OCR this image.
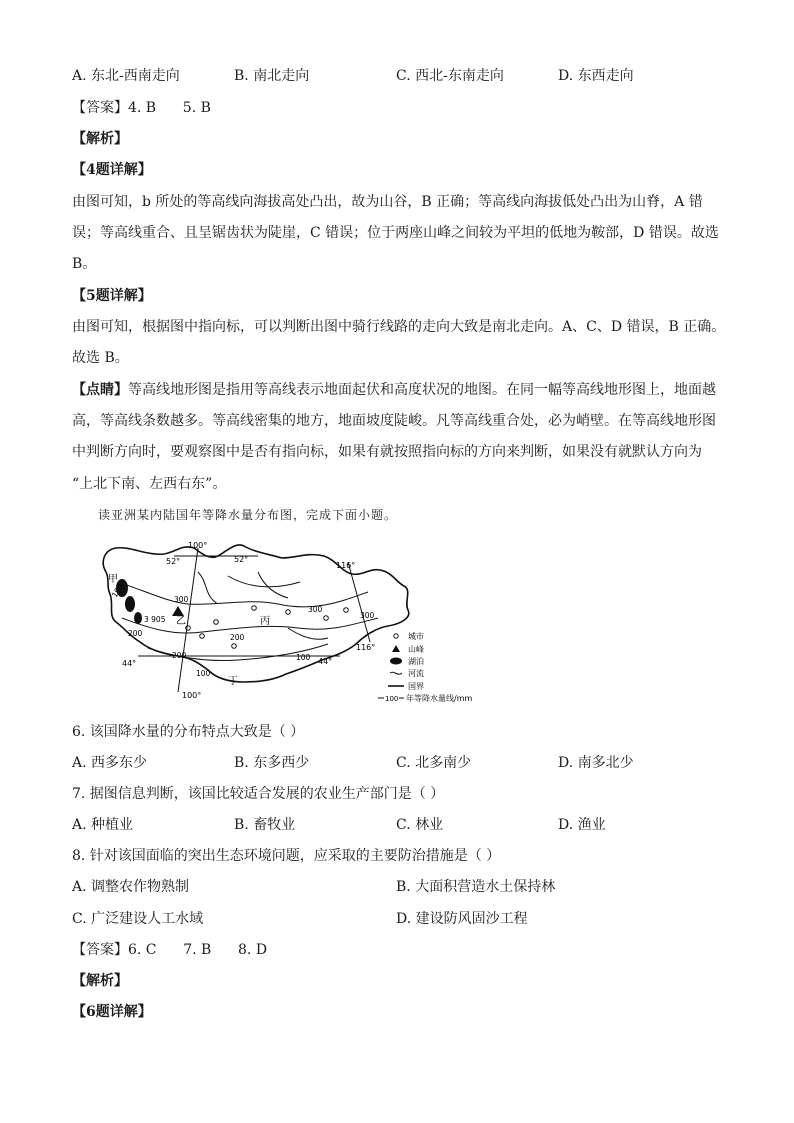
A. 东北-西南走向	B. 南北走向	C. 西北-东南走向	D. 东西走向
【答案】4. B      5. B
【解析】
【4题详解】
由图可知，b 所处的等高线向海拔高处凸出，故为山谷，B 正确；等高线向海拔低处凸出为山脊，A 错
误；等高线重合、且呈锯齿状为陡崖，C 错误；位于两座山峰之间较为平坦的低地为鞍部，D 错误。故选
B。
【5题详解】
由图可知，根据图中指向标，可以判断出图中骑行线路的走向大致是南北走向。A、C、D 错误，B 正确。
故选 B。
【点睛】等高线地形图是指用等高线表示地面起伏和高度状况的地图。在同一幅等高线地形图上，地面越
高，等高线条数越多。等高线密集的地方，地面坡度陡峻。凡等高线重合处，必为峭壁。在等高线地形图
中判断方向时，要观察图中是否有指向标，如果有就按照指向标的方向来判断，如果没有就默认方向为
“上北下南、左西右东”。
读亚洲某内陆国年等降水量分布图，完成下面小题。
52°	52°
44°	44°
100°
100°
116°
116°
300
300
300
200
200
200
100
100
100
3 905
甲
乙	丙
丁
城市
山峰
湖泊
河流
国界
100 年等降水量线/mm
6. 该国降水量的分布特点大致是（ ）
A. 西多东少	B. 东多西少	C. 北多南少	D. 南多北少
7. 据图信息判断，该国比较适合发展的农业生产部门是（ ）
A. 种植业	B. 畜牧业	C. 林业	D. 渔业
8. 针对该国面临的突出生态环境问题，应采取的主要防治措施是（ ）
A. 调整农作物熟制	B. 大面积营造水土保持林
C. 广泛建设人工水域	D. 建设防风固沙工程
【答案】6. C      7. B      8. D
【解析】
【6题详解】
